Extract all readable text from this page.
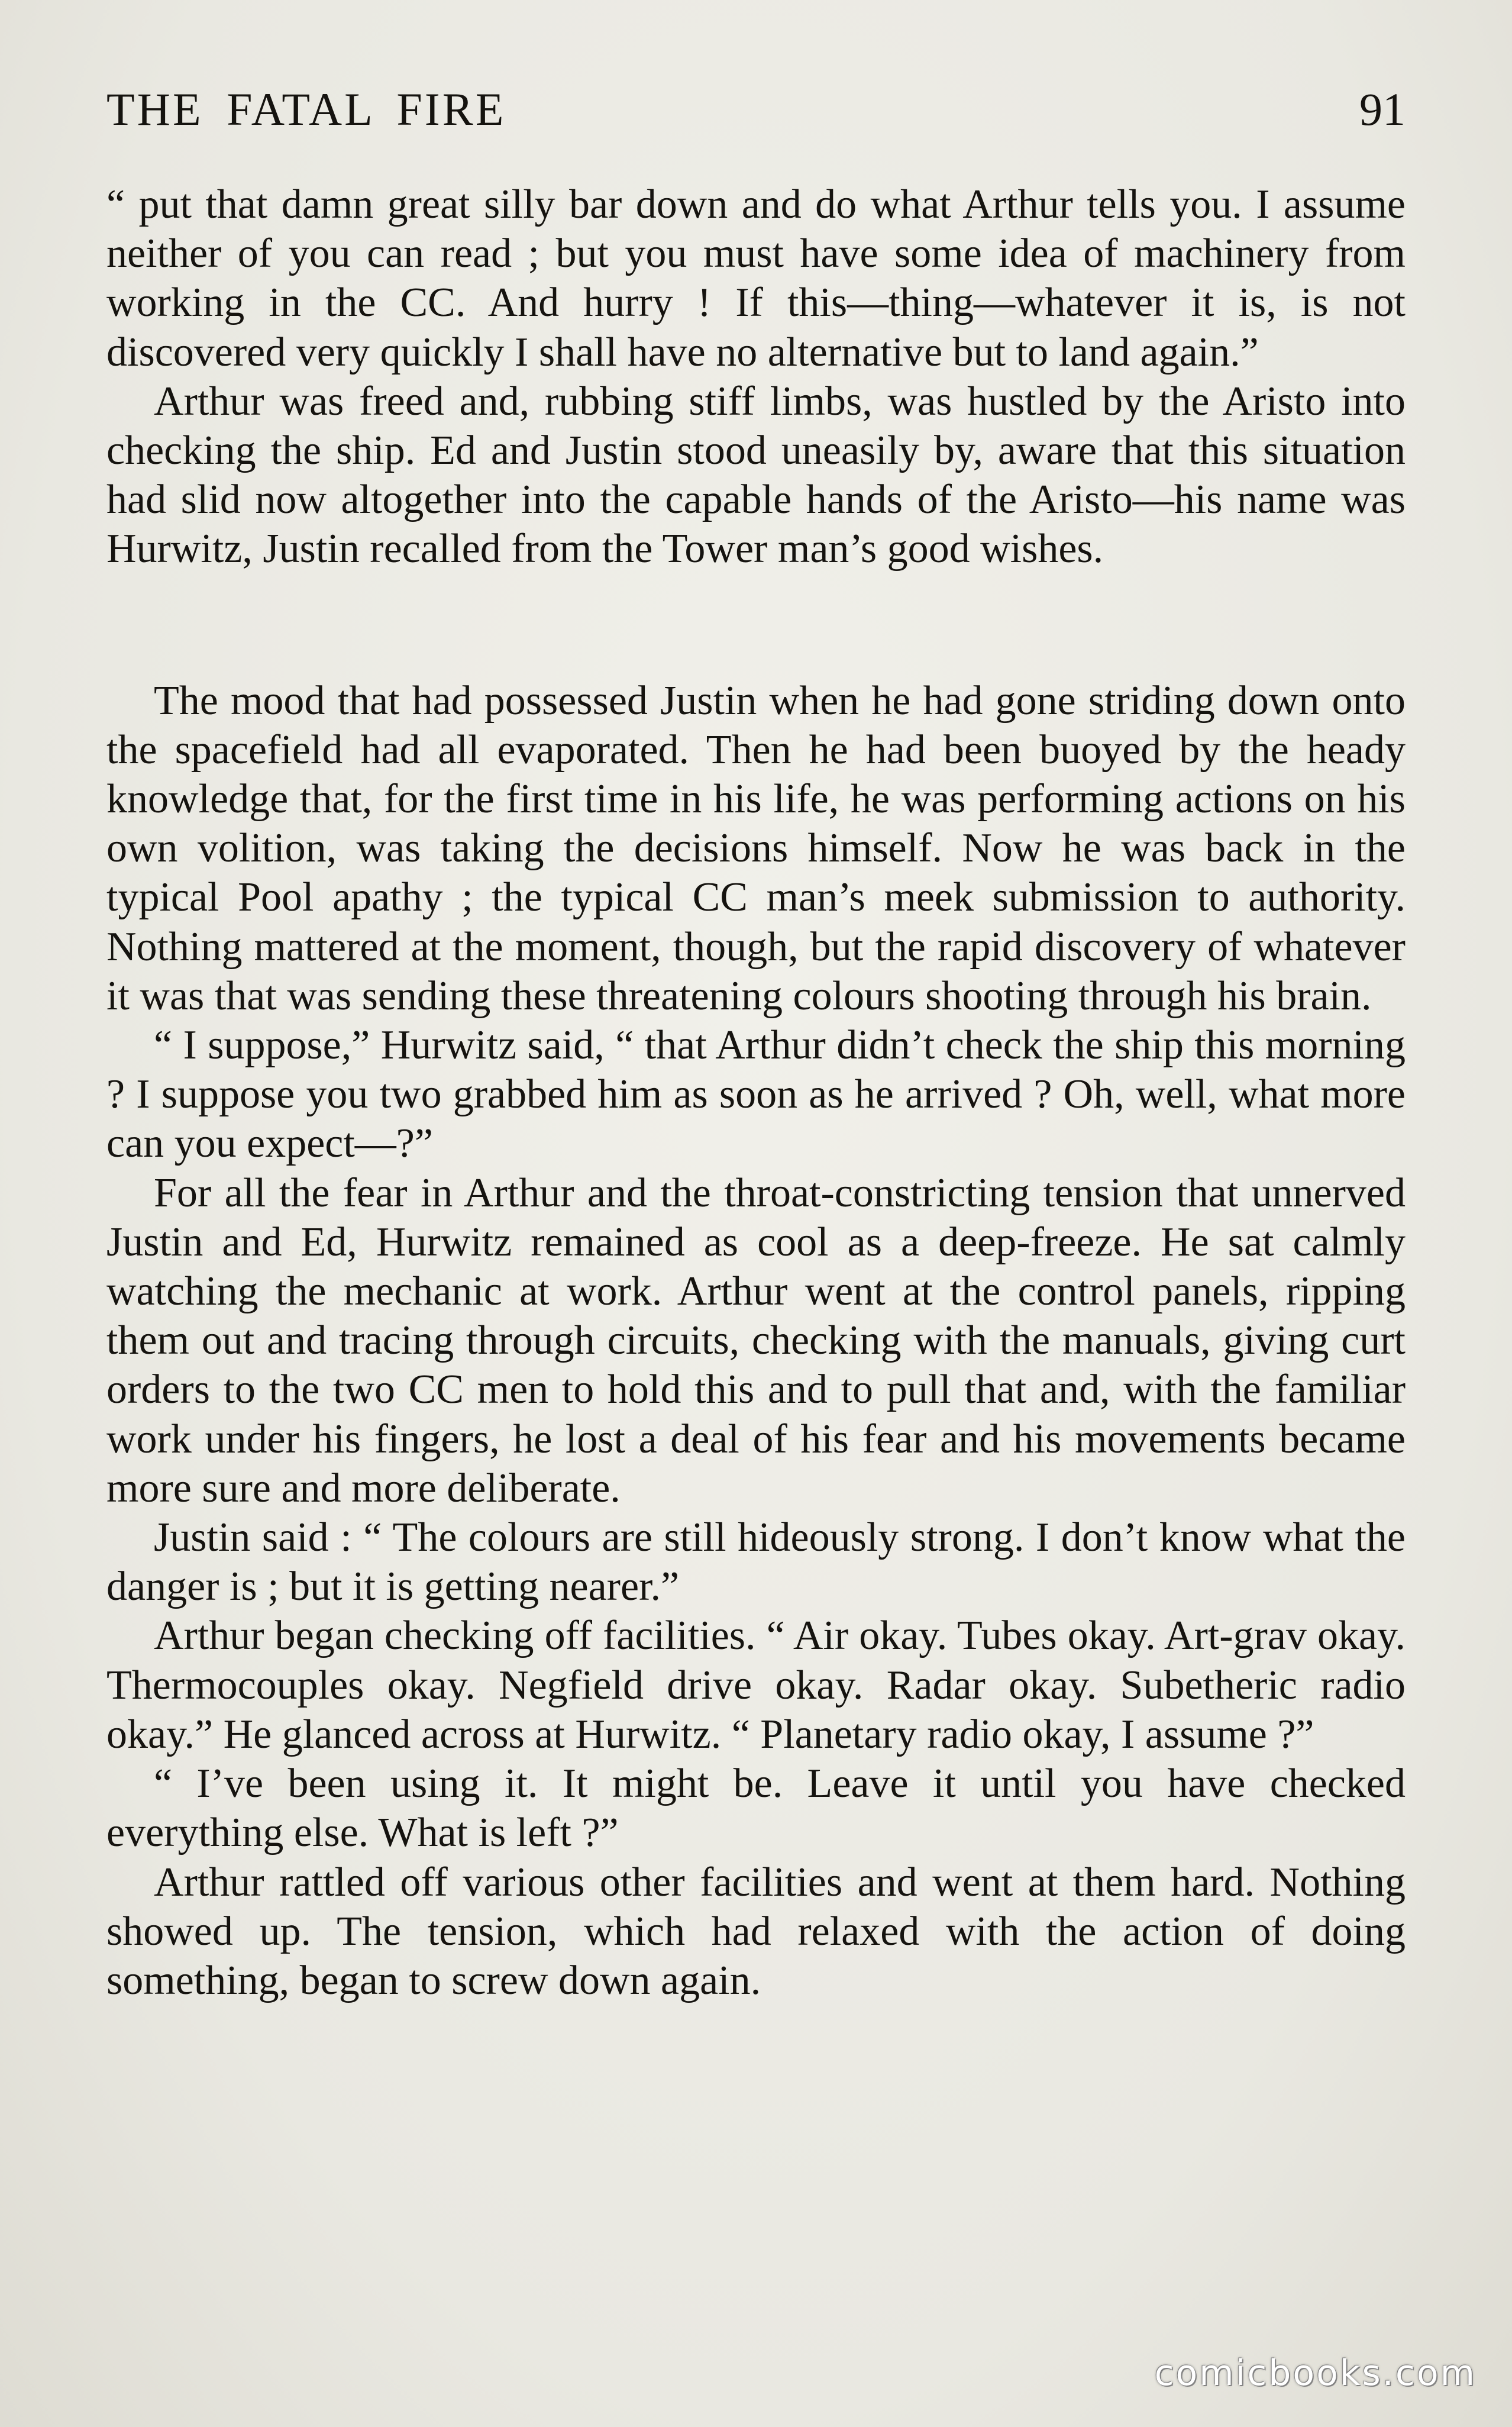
THE FATAL FIRE	91

“ put that damn great silly bar down and do what Arthur tells you. I assume neither of you can read ; but you must have some idea of machinery from working in the CC. And hurry ! If this—thing—whatever it is, is not discovered very quickly I shall have no alternative but to land again.”

Arthur was freed and, rubbing stiff limbs, was hustled by the Aristo into checking the ship. Ed and Justin stood uneasily by, aware that this situation had slid now altogether into the capable hands of the Aristo—his name was Hurwitz, Justin recalled from the Tower man’s good wishes.

The mood that had possessed Justin when he had gone striding down onto the spacefield had all evaporated. Then he had been buoyed by the heady knowledge that, for the first time in his life, he was performing actions on his own volition, was taking the decisions himself. Now he was back in the typical Pool apathy ; the typical CC man’s meek submission to authority. Nothing mattered at the moment, though, but the rapid discovery of whatever it was that was sending these threatening colours shooting through his brain.

“ I suppose,” Hurwitz said, “ that Arthur didn’t check the ship this morning ? I suppose you two grabbed him as soon as he arrived ? Oh, well, what more can you expect—?”

For all the fear in Arthur and the throat-constricting tension that unnerved Justin and Ed, Hurwitz remained as cool as a deep-freeze. He sat calmly watching the mechanic at work. Arthur went at the control panels, ripping them out and tracing through circuits, checking with the manuals, giving curt orders to the two CC men to hold this and to pull that and, with the familiar work under his fingers, he lost a deal of his fear and his movements became more sure and more deliberate.

Justin said : “ The colours are still hideously strong. I don’t know what the danger is ; but it is getting nearer.”

Arthur began checking off facilities. “ Air okay. Tubes okay. Art-grav okay. Thermocouples okay. Negfield drive okay. Radar okay. Subetheric radio okay.” He glanced across at Hurwitz. “ Planetary radio okay, I assume ?”

“ I’ve been using it. It might be. Leave it until you have checked everything else. What is left ?”

Arthur rattled off various other facilities and went at them hard. Nothing showed up. The tension, which had relaxed with the action of doing something, began to screw down again.

comicbooks.com
